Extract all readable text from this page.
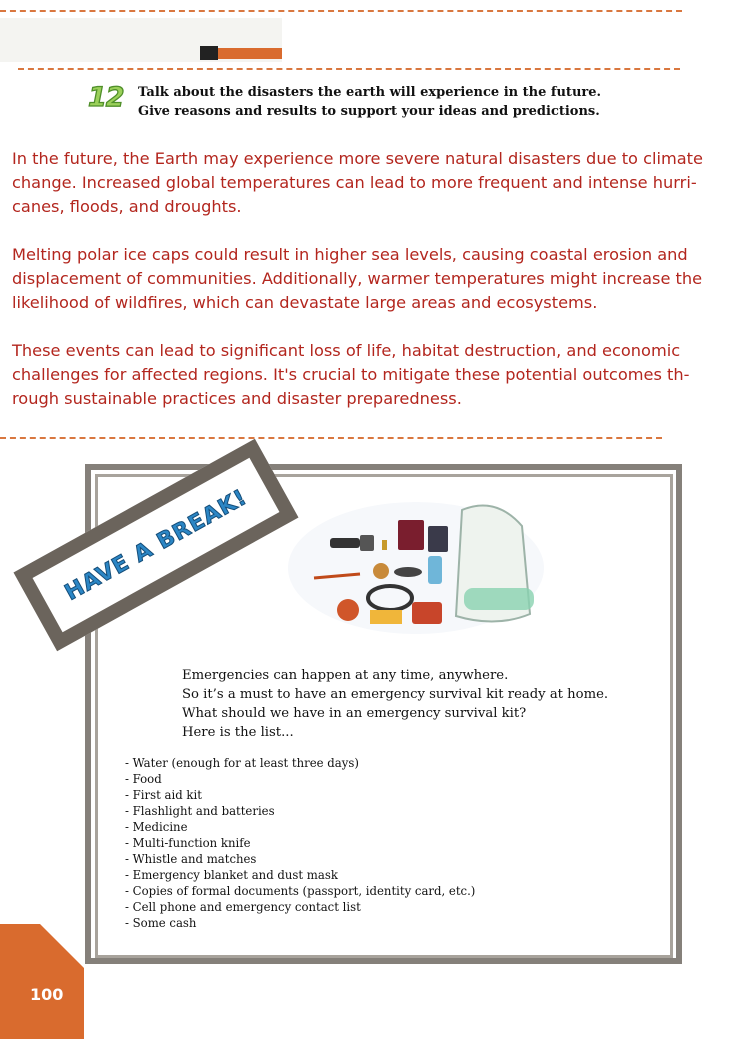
12 Talk about the disasters the earth will experience in the future.
Give reasons and results to support your ideas and predictions.

In the future, the Earth may experience more severe natural disasters due to climate change. Increased global temperatures can lead to more frequent and intense hurri-canes, floods, and droughts.

Melting polar ice caps could result in higher sea levels, causing coastal erosion and displacement of communities. Additionally, warmer temperatures might increase the likelihood of wildfires, which can devastate large areas and ecosystems.

These events can lead to significant loss of life, habitat destruction, and economic challenges for affected regions. It's crucial to mitigate these potential outcomes th-rough sustainable practices and disaster preparedness.

HAVE A BREAK!
Emergencies can happen at any time, anywhere.
So it’s a must to have an emergency survival kit ready at home.
What should we have in an emergency survival kit?
Here is the list...
- Water (enough for at least three days)
- Food
- First aid kit
- Flashlight and batteries
- Medicine
- Multi-function knife
- Whistle and matches
- Emergency blanket and dust mask
- Copies of formal documents (passport, identity card, etc.)
- Cell phone and emergency contact list
- Some cash
100
